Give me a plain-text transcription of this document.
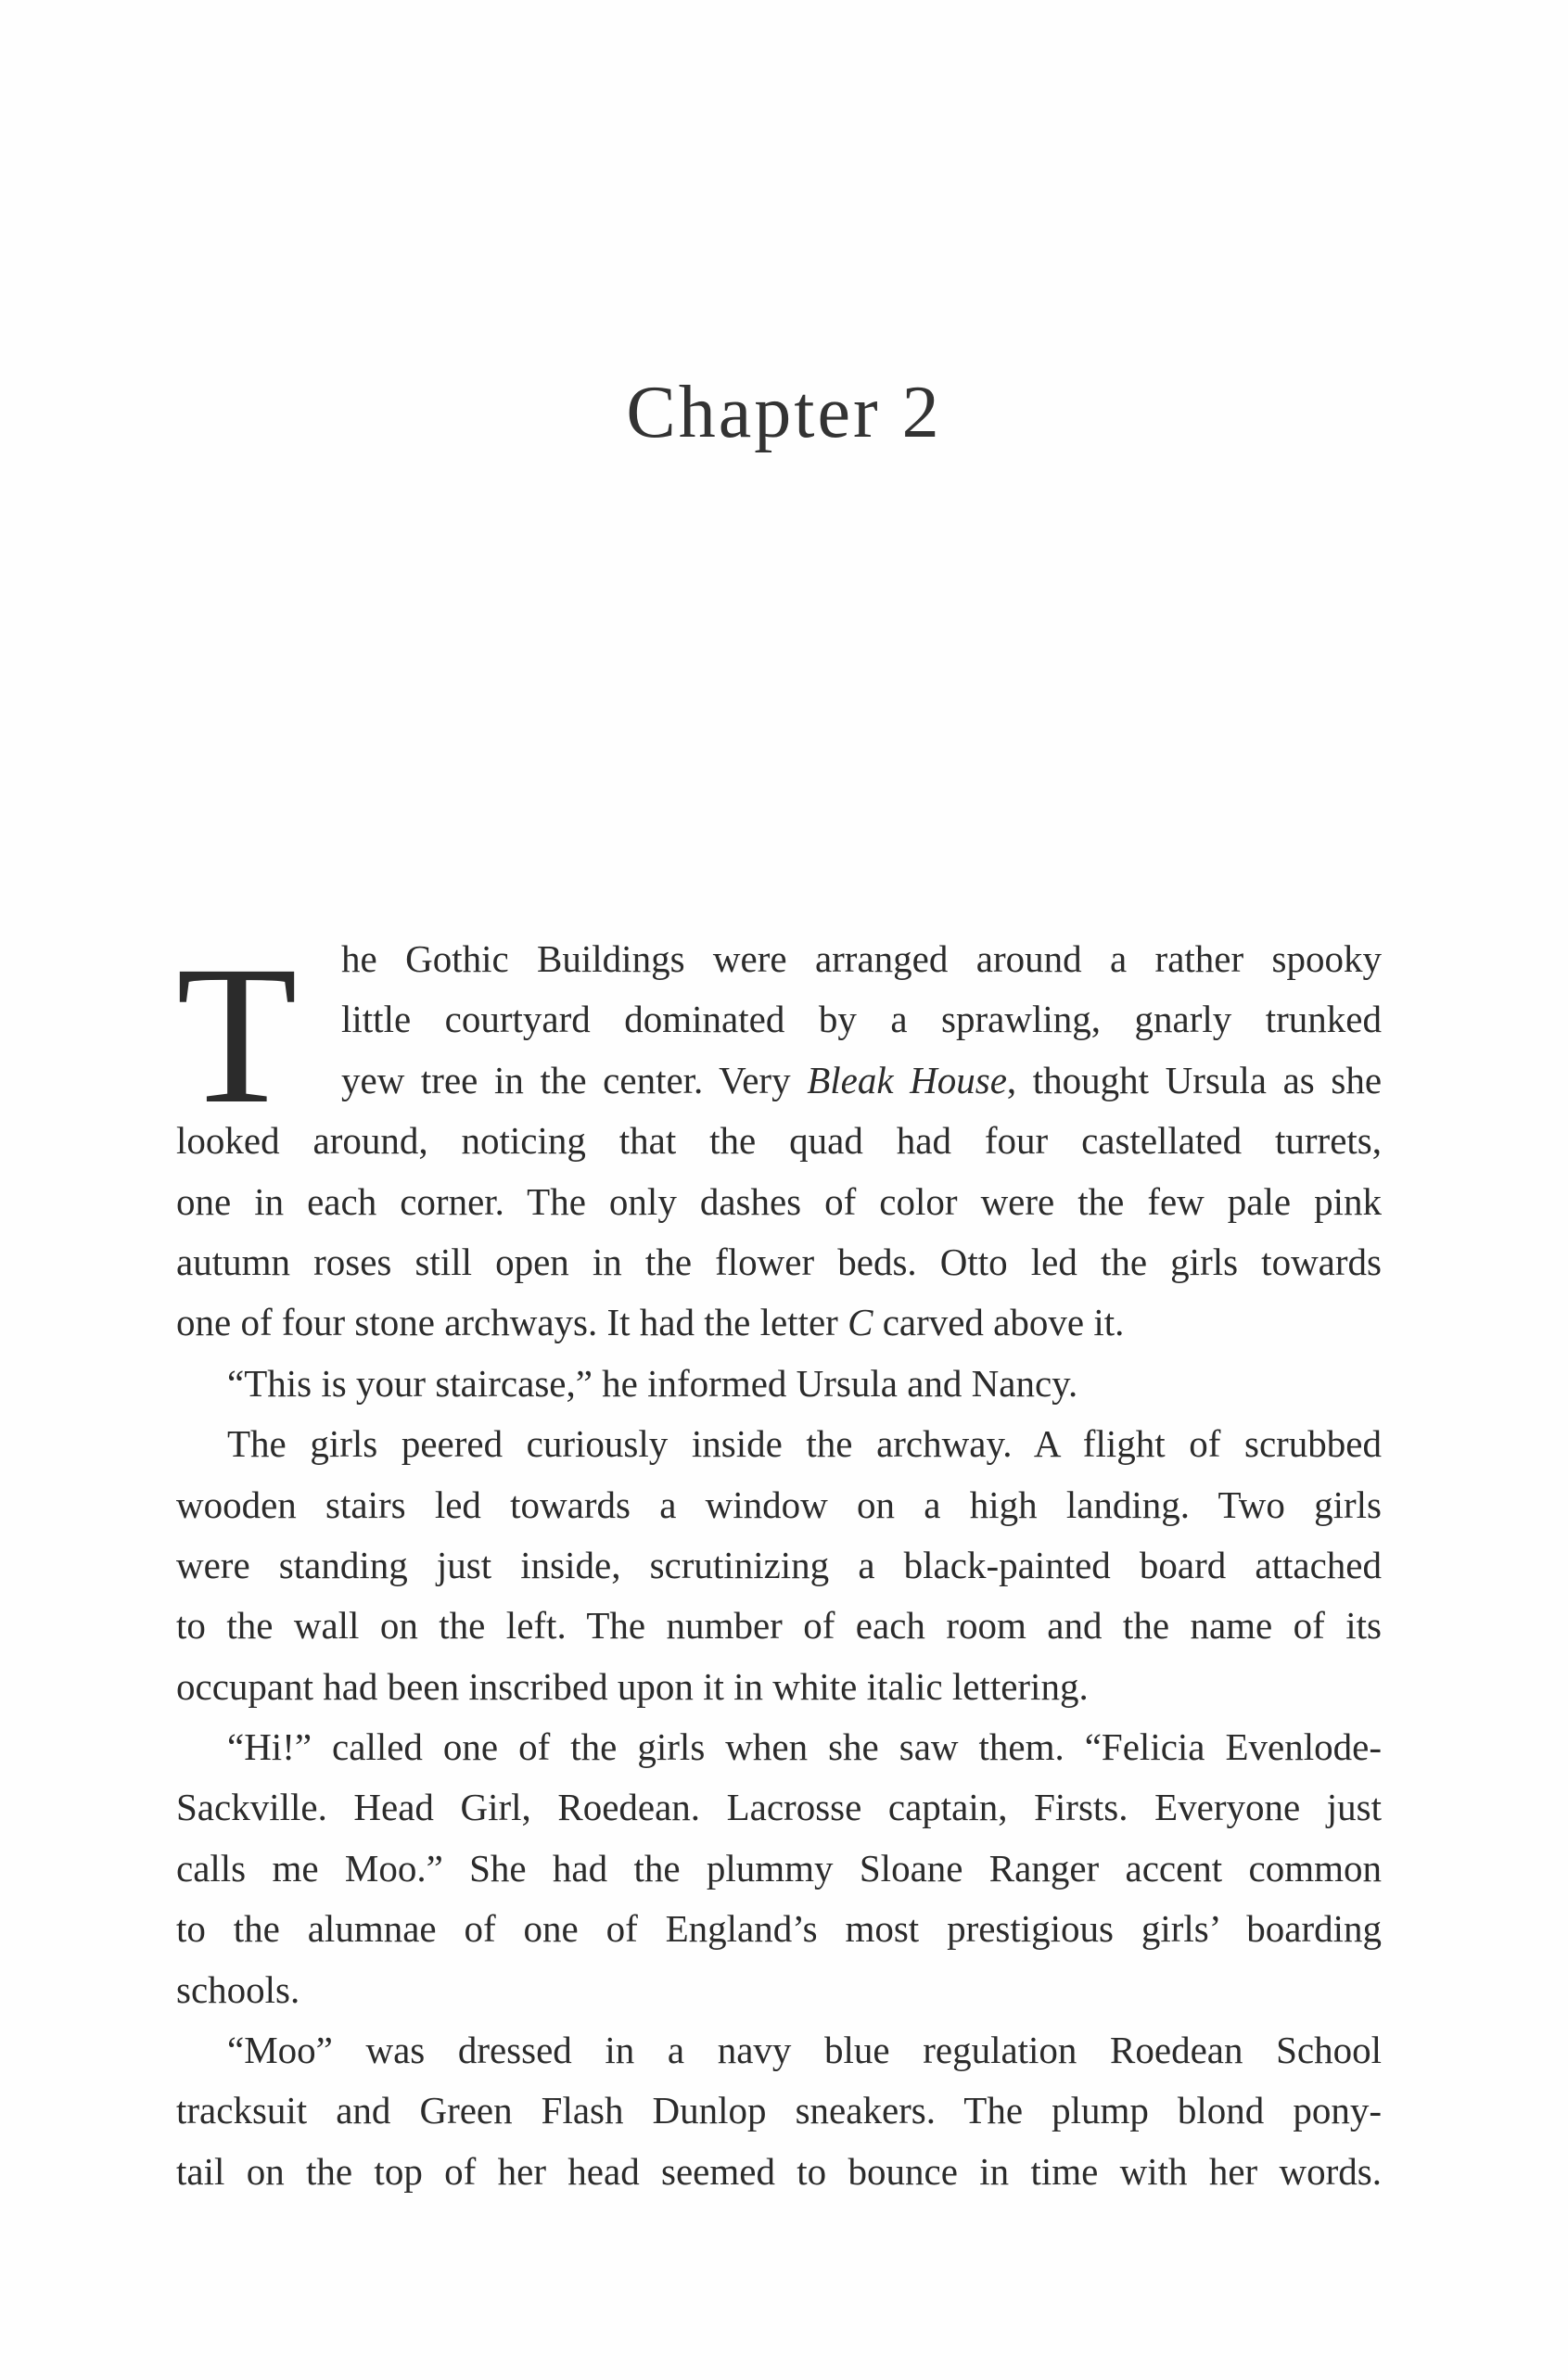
Chapter 2
T	he Gothic Buildings were arranged around a rather spooky
little courtyard dominated by a sprawling, gnarly trunked
yew tree in the center. Very Bleak House, thought Ursula as she
looked around, noticing that the quad had four castellated turrets,
one in each corner. The only dashes of color were the few pale pink
autumn roses still open in the flower beds. Otto led the girls towards
one of four stone archways. It had the letter C carved above it.
“This is your staircase,” he informed Ursula and Nancy.
The girls peered curiously inside the archway. A flight of scrubbed
wooden stairs led towards a window on a high landing. Two girls
were standing just inside, scrutinizing a black-painted board attached
to the wall on the left. The number of each room and the name of its
occupant had been inscribed upon it in white italic lettering.
“Hi!” called one of the girls when she saw them. “Felicia Evenlode-
Sackville. Head Girl, Roedean. Lacrosse captain, Firsts. Everyone just
calls me Moo.” She had the plummy Sloane Ranger accent common
to the alumnae of one of England’s most prestigious girls’ boarding
schools.
“Moo” was dressed in a navy blue regulation Roedean School
tracksuit and Green Flash Dunlop sneakers. The plump blond pony-
tail on the top of her head seemed to bounce in time with her words.
